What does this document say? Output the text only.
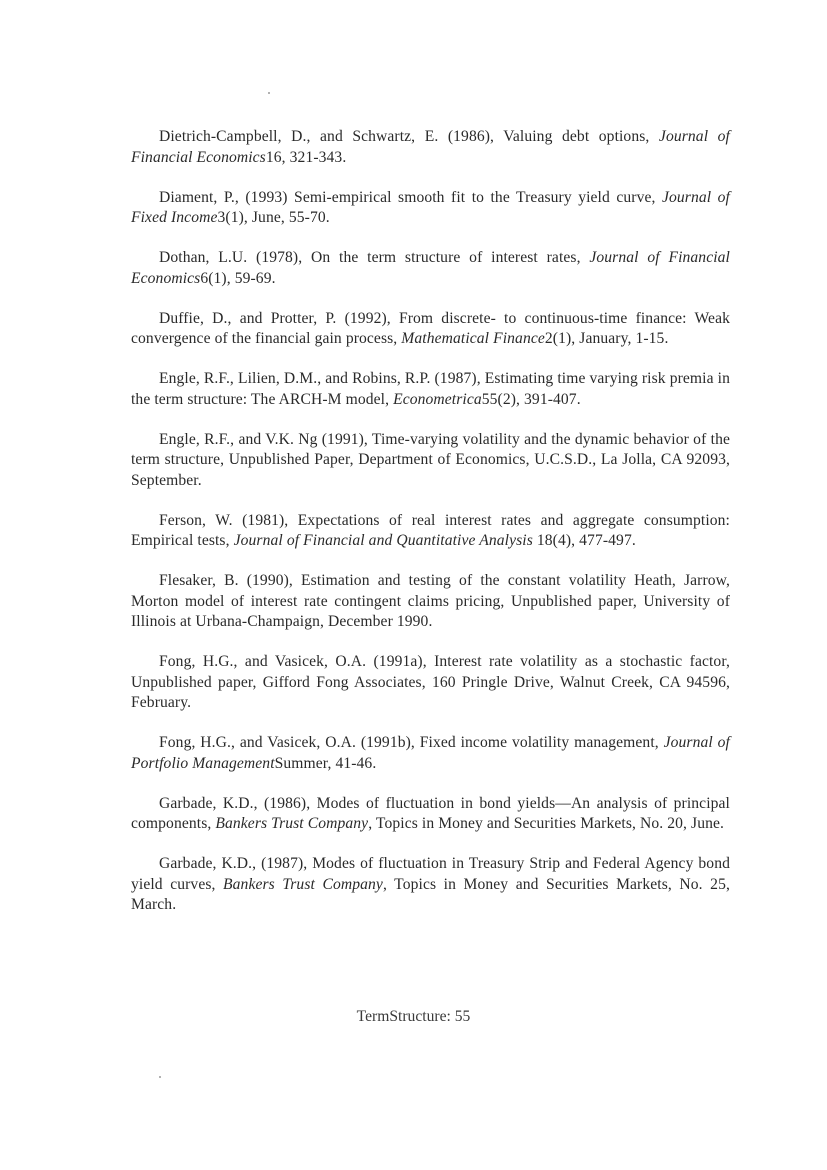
Dietrich-Campbell, D., and Schwartz, E. (1986), Valuing debt options, Journal of Financial Economics16, 321-343.
Diament, P., (1993) Semi-empirical smooth fit to the Treasury yield curve, Journal of Fixed Income3(1), June, 55-70.
Dothan, L.U. (1978), On the term structure of interest rates, Journal of Financial Economics6(1), 59-69.
Duffie, D., and Protter, P. (1992), From discrete- to continuous-time finance: Weak convergence of the financial gain process, Mathematical Finance2(1), January, 1-15.
Engle, R.F., Lilien, D.M., and Robins, R.P. (1987), Estimating time varying risk premia in the term structure: The ARCH-M model, Econometrica55(2), 391-407.
Engle, R.F., and V.K. Ng (1991), Time-varying volatility and the dynamic behavior of the term structure, Unpublished Paper, Department of Economics, U.C.S.D., La Jolla, CA 92093, September.
Ferson, W. (1981), Expectations of real interest rates and aggregate consumption: Empirical tests, Journal of Financial and Quantitative Analysis 18(4), 477-497.
Flesaker, B. (1990), Estimation and testing of the constant volatility Heath, Jarrow, Morton model of interest rate contingent claims pricing, Unpublished paper, University of Illinois at Urbana-Champaign, December 1990.
Fong, H.G., and Vasicek, O.A. (1991a), Interest rate volatility as a stochastic factor, Unpublished paper, Gifford Fong Associates, 160 Pringle Drive, Walnut Creek, CA 94596, February.
Fong, H.G., and Vasicek, O.A. (1991b), Fixed income volatility management, Journal of Portfolio ManagementSummer, 41-46.
Garbade, K.D., (1986), Modes of fluctuation in bond yields—An analysis of principal components, Bankers Trust Company, Topics in Money and Securities Markets, No. 20, June.
Garbade, K.D., (1987), Modes of fluctuation in Treasury Strip and Federal Agency bond yield curves, Bankers Trust Company, Topics in Money and Securities Markets, No. 25, March.
TermStructure: 55
